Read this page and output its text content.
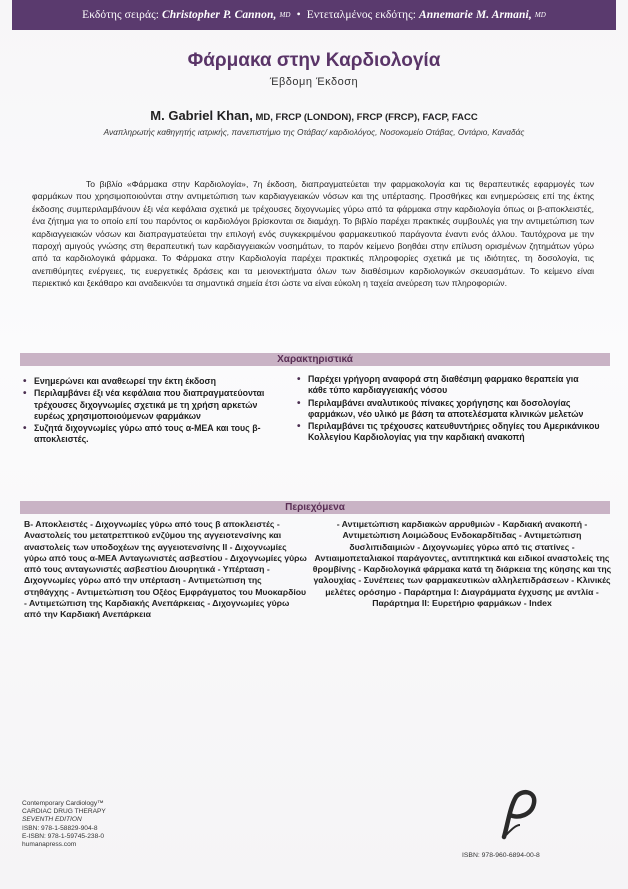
Εκδότης σειράς: Christopher P. Cannon, MD • Εντεταλμένος εκδότης: Annemarie M. Armani, MD
Φάρμακα στην Καρδιολογία
Έβδομη Έκδοση
M. Gabriel Khan, MD, FRCP (LONDON), FRCP (FRCP), FACP, FACC
Αναπληρωτής καθηγητής ιατρικής, πανεπιστήμιο της Οτάβας/ καρδιολόγος, Νοσοκομείο Οτάβας, Οντάριο, Καναδάς
Το βιβλίο «Φάρμακα στην Καρδιολογία», 7η έκδοση, διαπραγματεύεται την φαρμακολογία και τις θεραπευτικές εφαρμογές των φαρμάκων που χρησιμοποιούνται στην αντιμετώπιση των καρδιαγγειακών νόσων και της υπέρτασης. Προσθήκες και ενημερώσεις επί της έκτης έκδοσης συμπεριλαμβάνουν έξι νέα κεφάλαια σχετικά με τρέχουσες διχογνωμίες γύρω από τα φάρμακα στην καρδιολογία όπως οι β-αποκλειστές, ένα ζήτημα για το οποίο επί του παρόντος οι καρδιολόγοι βρίσκονται σε διαμάχη. Το βιβλίο παρέχει πρακτικές συμβουλές για την αντιμετώπιση των καρδιαγγειακών νόσων και διαπραγματεύεται την επιλογή ενός συγκεκριμένου φαρμακευτικού παράγοντα έναντι ενός άλλου. Ταυτόχρονα με την παροχή αμιγούς γνώσης στη θεραπευτική των καρδιαγγειακών νοσημάτων, το παρόν κείμενο βοηθάει στην επίλυση ορισμένων ζητημάτων γύρω από τα καρδιολογικά φάρμακα. Το Φάρμακα στην Καρδιολογία παρέχει πρακτικές πληροφορίες σχετικά με τις ιδιότητες, τη δοσολογία, τις ανεπιθύμητες ενέργειες, τις ευεργετικές δράσεις και τα μειονεκτήματα όλων των διαθέσιμων καρδιολογικών σκευασμάτων. Το κείμενο είναι περιεκτικό και ξεκάθαρο και αναδεικνύει τα σημαντικά σημεία έτσι ώστε να είναι εύκολη η ταχεία ανεύρεση των πληροφοριών.
Χαρακτηριστικά
• Ενημερώνει και αναθεωρεί την έκτη έκδοση
• Περιλαμβάνει έξι νέα κεφάλαια που διαπραγματεύονται τρέχουσες διχογνωμίες σχετικά με τη χρήση αρκετών ευρέως χρησιμοποιούμενων φαρμάκων
• Συζητά διχογνωμίες γύρω από τους α-ΜΕΑ και τους β-αποκλειστές.
• Παρέχει γρήγορη αναφορά στη διαθέσιμη φαρμακο θεραπεία για κάθε τύπο καρδιαγγειακής νόσου
• Περιλαμβάνει αναλυτικούς πίνακες χορήγησης και δοσολογίας φαρμάκων, νέο υλικό με βάση τα αποτελέσματα κλινικών μελετών
• Περιλαμβάνει τις τρέχουσες κατευθυντήριες οδηγίες του Αμερικάνικου Κολλεγίου Καρδιολογίας για την καρδιακή ανακοπή
Περιεχόμενα
Β- Αποκλειστές - Διχογνωμίες γύρω από τους β αποκλειστές - Αναστολείς του μετατρεπτικού ενζύμου της αγγειοτενσίνης και αναστολείς των υποδοχέων της αγγειοτενσίνης ΙΙ - Διχογνωμίες γύρω από τους α-ΜΕΑ Ανταγωνιστές ασβεστίου - Διχογνωμίες γύρω από τους ανταγωνιστές ασβεστίου Διουρητικά - Υπέρταση - Διχογνωμίες γύρω από την υπέρταση - Αντιμετώπιση της στηθάγχης - Αντιμετώπιση του Οξέος Εμφράγματος του Μυοκαρδίου - Αντιμετώπιση της Καρδιακής Ανεπάρκειας - Διχογνωμίες γύρω από την Καρδιακή Ανεπάρκεια
- Αντιμετώπιση καρδιακών αρρυθμιών - Καρδιακή ανακοπή - Αντιμετώπιση Λοιμώδους Ενδοκαρδίτιδας - Αντιμετώπιση δυσλιπιδαιμιών - Διχογνωμίες γύρω από τις στατίνες - Αντιαιμοπεταλιακοί παράγοντες, αντιπηκτικά και ειδικοί αναστολείς της θρομβίνης - Καρδιολογικά φάρμακα κατά τη διάρκεια της κύησης και της γαλουχίας - Συνέπειες των φαρμακευτικών αλληλεπιδράσεων - Κλινικές μελέτες ορόσημο - Παράρτημα Ι: Διαγράμματα έγχυσης με αντλία - Παράρτημα ΙΙ: Ευρετήριο φαρμάκων - Index
Contemporary Cardiology™
CARDIAC DRUG THERAPY
SEVENTH EDITION
ISBN: 978-1-58829-904-8
E-ISBN: 978-1-59745-238-0
humanapress.com
ISBN: 978-960-6894-00-8
